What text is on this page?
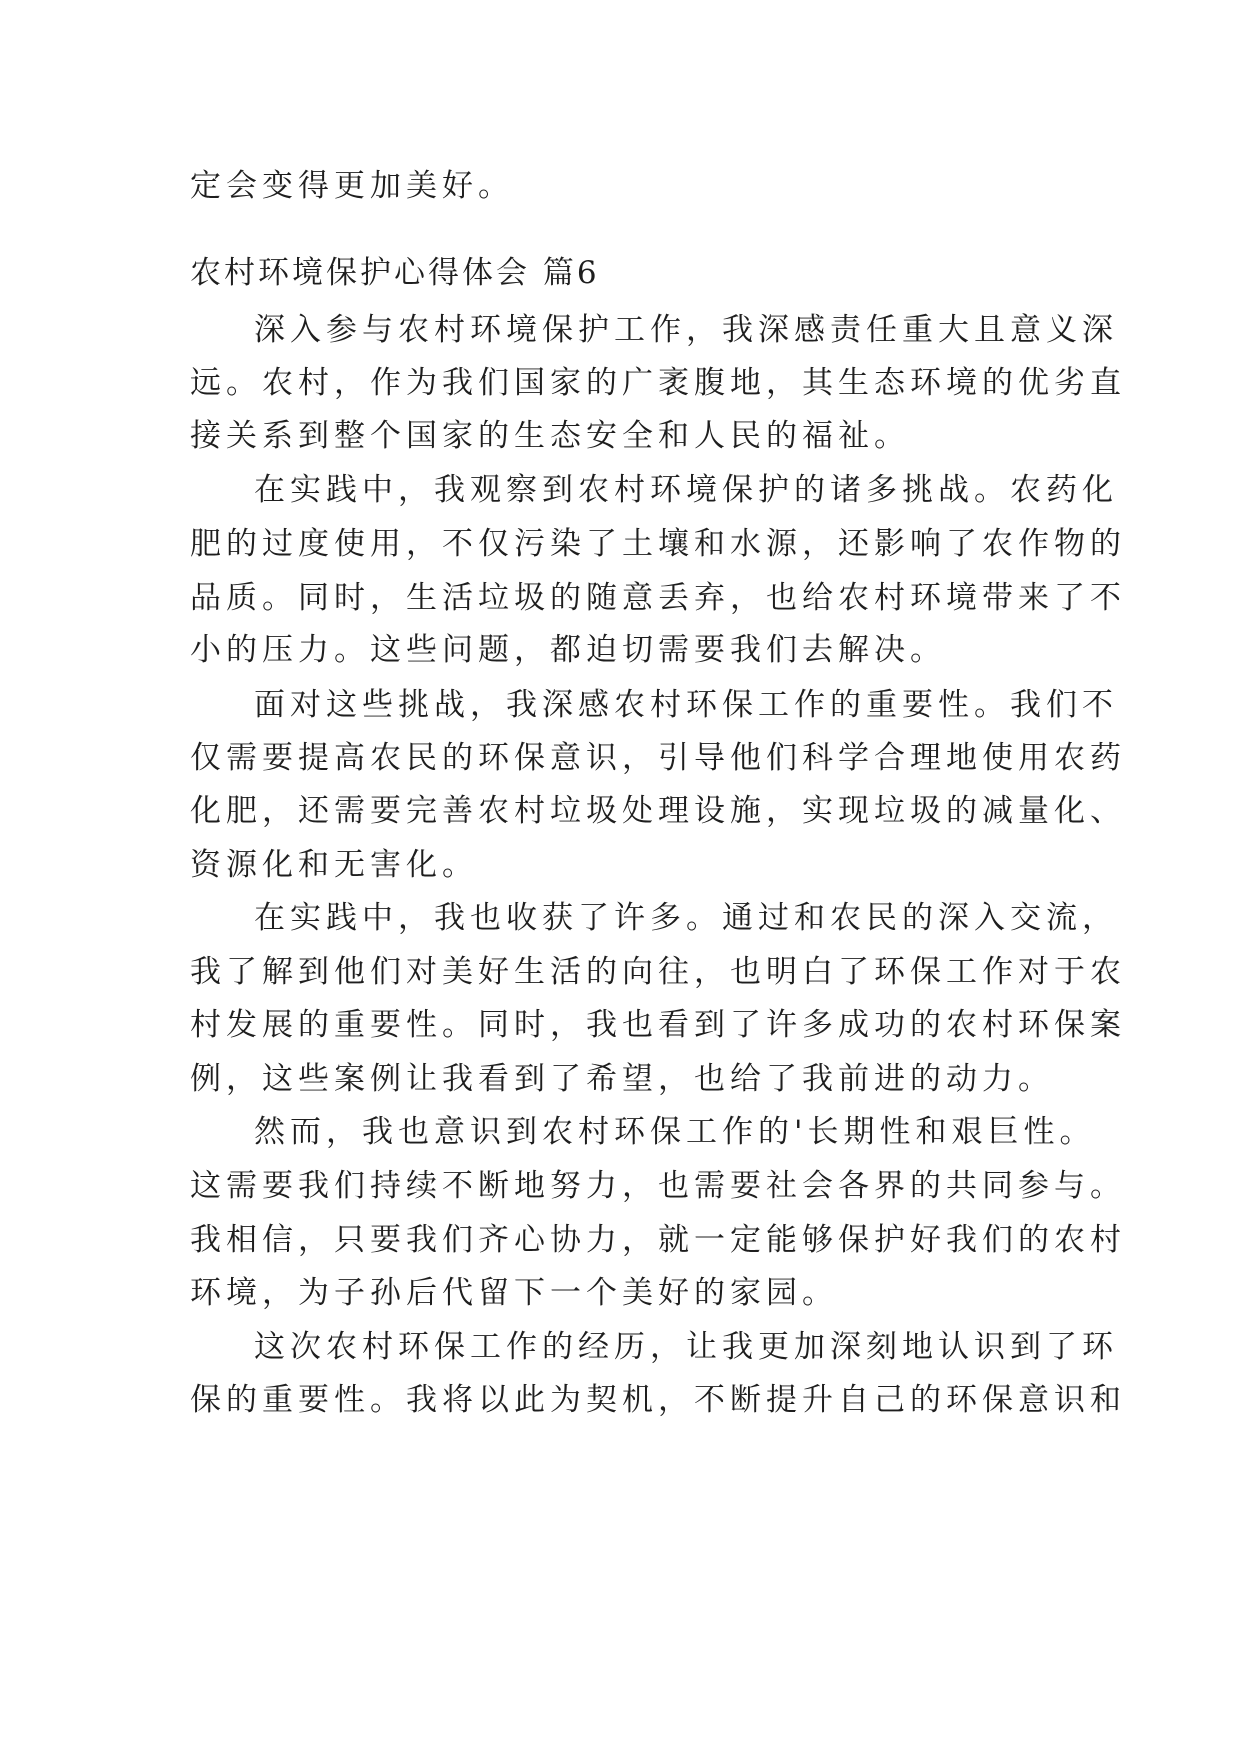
定会变得更加美好。
农村环境保护心得体会 篇6
深入参与农村环境保护工作，我深感责任重大且意义深
远。农村，作为我们国家的广袤腹地，其生态环境的优劣直
接关系到整个国家的生态安全和人民的福祉。
在实践中，我观察到农村环境保护的诸多挑战。农药化
肥的过度使用，不仅污染了土壤和水源，还影响了农作物的
品质。同时，生活垃圾的随意丢弃，也给农村环境带来了不
小的压力。这些问题，都迫切需要我们去解决。
面对这些挑战，我深感农村环保工作的重要性。我们不
仅需要提高农民的环保意识，引导他们科学合理地使用农药
化肥，还需要完善农村垃圾处理设施，实现垃圾的减量化、
资源化和无害化。
在实践中，我也收获了许多。通过和农民的深入交流，
我了解到他们对美好生活的向往，也明白了环保工作对于农
村发展的重要性。同时，我也看到了许多成功的农村环保案
例，这些案例让我看到了希望，也给了我前进的动力。
然而，我也意识到农村环保工作的'长期性和艰巨性。
这需要我们持续不断地努力，也需要社会各界的共同参与。
我相信，只要我们齐心协力，就一定能够保护好我们的农村
环境，为子孙后代留下一个美好的家园。
这次农村环保工作的经历，让我更加深刻地认识到了环
保的重要性。我将以此为契机，不断提升自己的环保意识和
